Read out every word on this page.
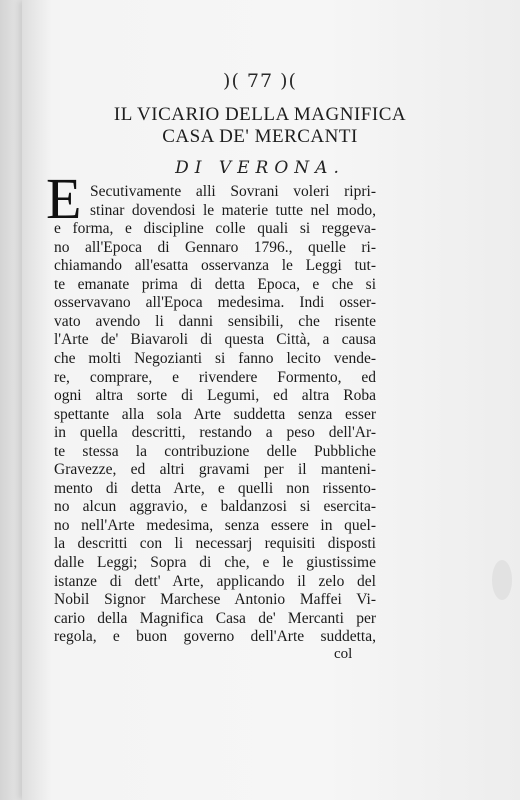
)( 77 )(
IL VICARIO DELLA MAGNIFICA
CASA DE' MERCANTI
DI VERONA.
E Secutivamente alli Sovrani voleri ripri-
stinar dovendosi le materie tutte nel modo,
e forma, e discipline colle quali si reggeva-
no all'Epoca di Gennaro 1796., quelle ri-
chiamando all'esatta osservanza le Leggi tut-
te emanate prima di detta Epoca, e che si
osservavano all'Epoca medesima. Indi osser-
vato avendo li danni sensibili, che risente
l'Arte de' Biavaroli di questa Città, a causa
che molti Negozianti si fanno lecito vende-
re, comprare, e rivendere Formento, ed
ogni altra sorte di Legumi, ed altra Roba
spettante alla sola Arte suddetta senza esser
in quella descritti, restando a peso dell'Ar-
te stessa la contribuzione delle Pubbliche
Gravezze, ed altri gravami per il manteni-
mento di detta Arte, e quelli non rissento-
no alcun aggravio, e baldanzosi si esercita-
no nell'Arte medesima, senza essere in quel-
la descritti con li necessarj requisiti disposti
dalle Leggi; Sopra di che, e le giustissime
istanze di dett' Arte, applicando il zelo del
Nobil Signor Marchese Antonio Maffei Vi-
cario della Magnifica Casa de' Mercanti per
regola, e buon governo dell'Arte suddetta,
col
